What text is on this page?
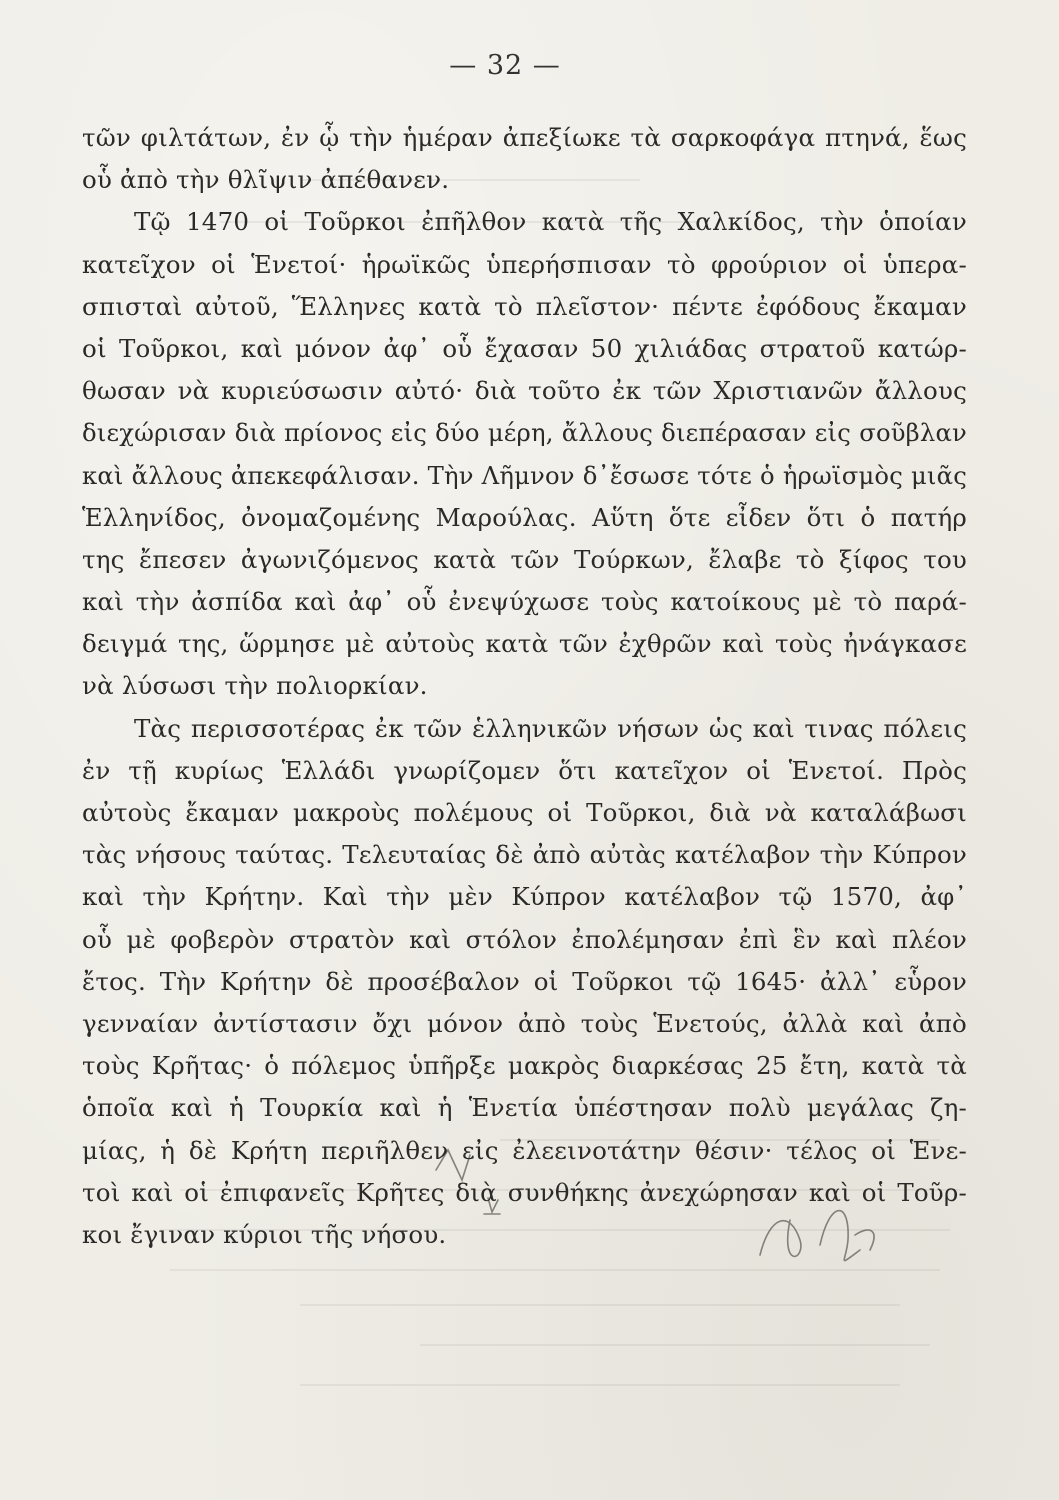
— 32 —
τῶν φιλτάτων, ἐν ᾧ τὴν ἡμέραν ἀπεξίωκε τὰ σαρκοφάγα πτηνά, ἕως
οὗ ἀπὸ τὴν θλῖψιν ἀπέθανεν.
Τῷ 1470 οἱ Τοῦρκοι ἐπῆλθον κατὰ τῆς Χαλκίδος, τὴν ὁποίαν
κατεῖχον οἱ Ἑνετοί· ἡρωϊκῶς ὑπερήσπισαν τὸ φρούριον οἱ ὑπερα-
σπισταὶ αὐτοῦ, Ἕλληνες κατὰ τὸ πλεῖστον· πέντε ἐφόδους ἔκαμαν
οἱ Τοῦρκοι, καὶ μόνον ἀφ᾿ οὗ ἔχασαν 50 χιλιάδας στρατοῦ κατώρ-
θωσαν νὰ κυριεύσωσιν αὐτό· διὰ τοῦτο ἐκ τῶν Χριστιανῶν ἄλλους
διεχώρισαν διὰ πρίονος εἰς δύο μέρη, ἄλλους διεπέρασαν εἰς σοῦβλαν
καὶ ἄλλους ἀπεκεφάλισαν. Τὴν Λῆμνον δ᾿ἔσωσε τότε ὁ ἡρωϊσμὸς μιᾶς
Ἑλληνίδος, ὀνομαζομένης Μαρούλας. Αὕτη ὅτε εἶδεν ὅτι ὁ πατήρ
της ἔπεσεν ἀγωνιζόμενος κατὰ τῶν Τούρκων, ἔλαβε τὸ ξίφος του
καὶ τὴν ἀσπίδα καὶ ἀφ᾿ οὗ ἐνεψύχωσε τοὺς κατοίκους μὲ τὸ παρά-
δειγμά της, ὥρμησε μὲ αὐτοὺς κατὰ τῶν ἐχθρῶν καὶ τοὺς ἠνάγκασε
νὰ λύσωσι τὴν πολιορκίαν.
Τὰς περισσοτέρας ἐκ τῶν ἑλληνικῶν νήσων ὡς καὶ τινας πόλεις
ἐν τῇ κυρίως Ἑλλάδι γνωρίζομεν ὅτι κατεῖχον οἱ Ἑνετοί. Πρὸς
αὐτοὺς ἔκαμαν μακροὺς πολέμους οἱ Τοῦρκοι, διὰ νὰ καταλάβωσι
τὰς νήσους ταύτας. Τελευταίας δὲ ἀπὸ αὐτὰς κατέλαβον τὴν Κύπρον
καὶ τὴν Κρήτην. Καὶ τὴν μὲν Κύπρον κατέλαβον τῷ 1570, ἀφ᾿
οὗ μὲ φοβερὸν στρατὸν καὶ στόλον ἐπολέμησαν ἐπὶ ἓν καὶ πλέον
ἔτος. Τὴν Κρήτην δὲ προσέβαλον οἱ Τοῦρκοι τῷ 1645· ἀλλ᾿ εὗρον
γενναίαν ἀντίστασιν ὄχι μόνον ἀπὸ τοὺς Ἑνετούς, ἀλλὰ καὶ ἀπὸ
τοὺς Κρῆτας· ὁ πόλεμος ὑπῆρξε μακρὸς διαρκέσας 25 ἔτη, κατὰ τὰ
ὁποῖα καὶ ἡ Τουρκία καὶ ἡ Ἑνετία ὑπέστησαν πολὺ μεγάλας ζη-
μίας, ἡ δὲ Κρήτη περιῆλθεν εἰς ἐλεεινοτάτην θέσιν· τέλος οἱ Ἑνε-
τοὶ καὶ οἱ ἐπιφανεῖς Κρῆτες διὰ συνθήκης ἀνεχώρησαν καὶ οἱ Τοῦρ-
κοι ἔγιναν κύριοι τῆς νήσου.
